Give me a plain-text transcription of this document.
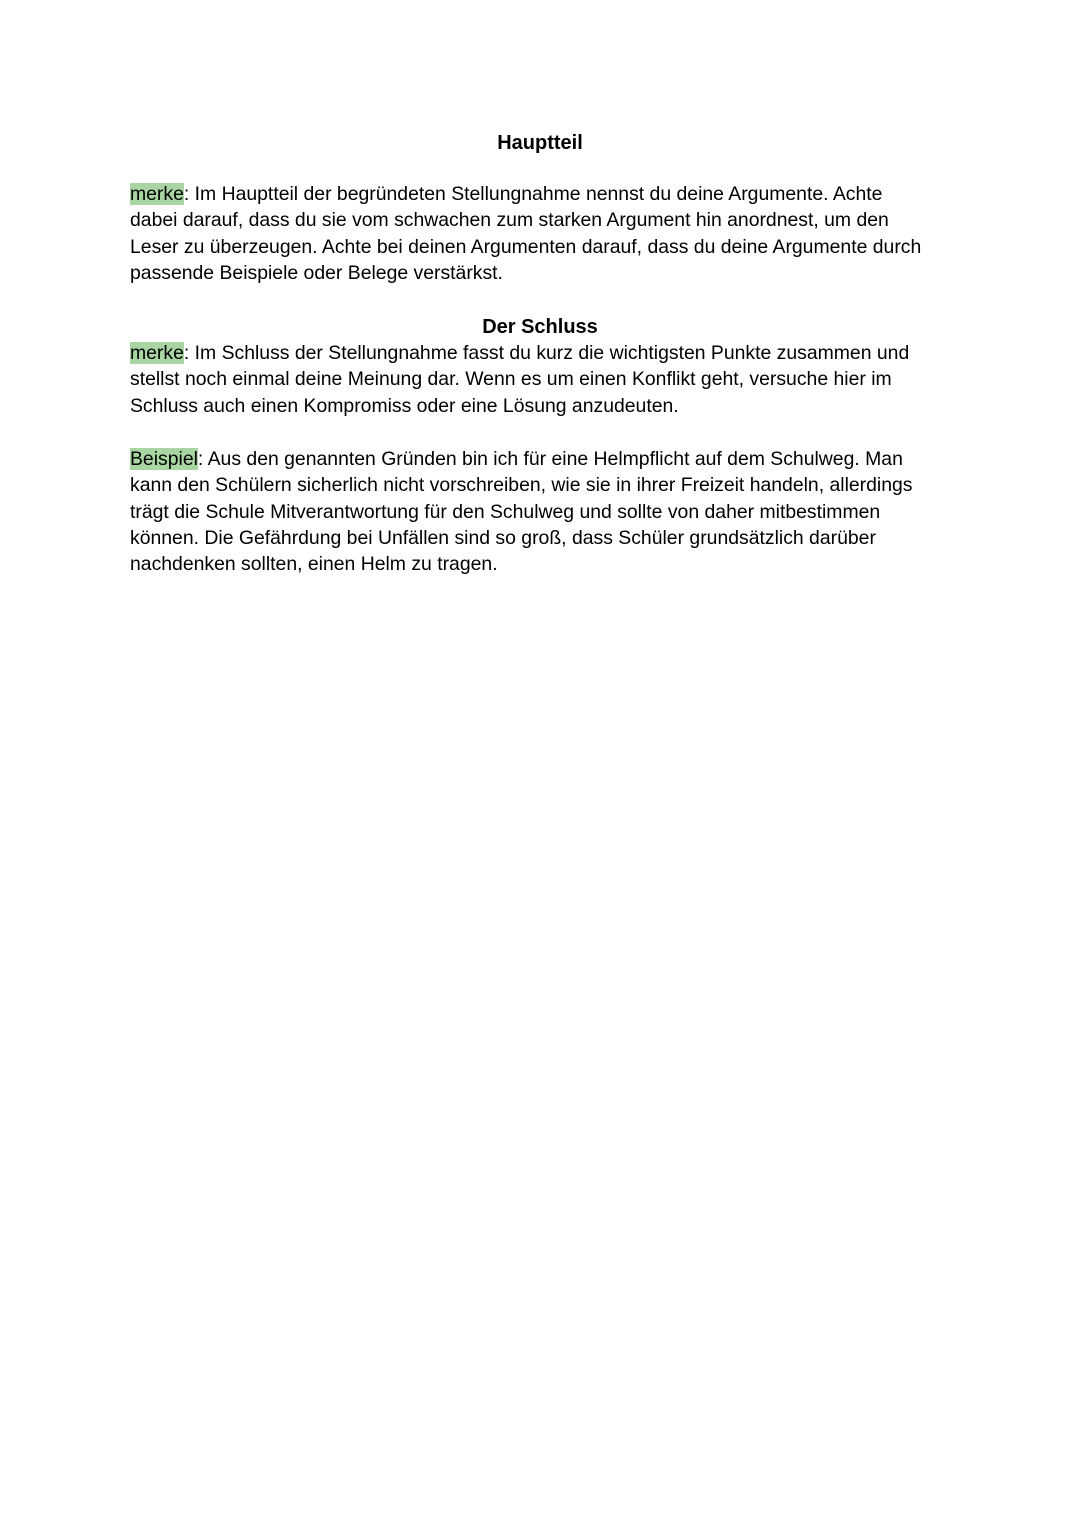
Hauptteil

merke: Im Hauptteil der begründeten Stellungnahme nennst du deine Argumente. Achte
dabei darauf, dass du sie vom schwachen zum starken Argument hin anordnest, um den
Leser zu überzeugen. Achte bei deinen Argumenten darauf, dass du deine Argumente durch
passende Beispiele oder Belege verstärkst.

Der Schluss

merke: Im Schluss der Stellungnahme fasst du kurz die wichtigsten Punkte zusammen und
stellst noch einmal deine Meinung dar. Wenn es um einen Konflikt geht, versuche hier im
Schluss auch einen Kompromiss oder eine Lösung anzudeuten.

Beispiel: Aus den genannten Gründen bin ich für eine Helmpflicht auf dem Schulweg. Man
kann den Schülern sicherlich nicht vorschreiben, wie sie in ihrer Freizeit handeln, allerdings
trägt die Schule Mitverantwortung für den Schulweg und sollte von daher mitbestimmen
können. Die Gefährdung bei Unfällen sind so groß, dass Schüler grundsätzlich darüber
nachdenken sollten, einen Helm zu tragen.
